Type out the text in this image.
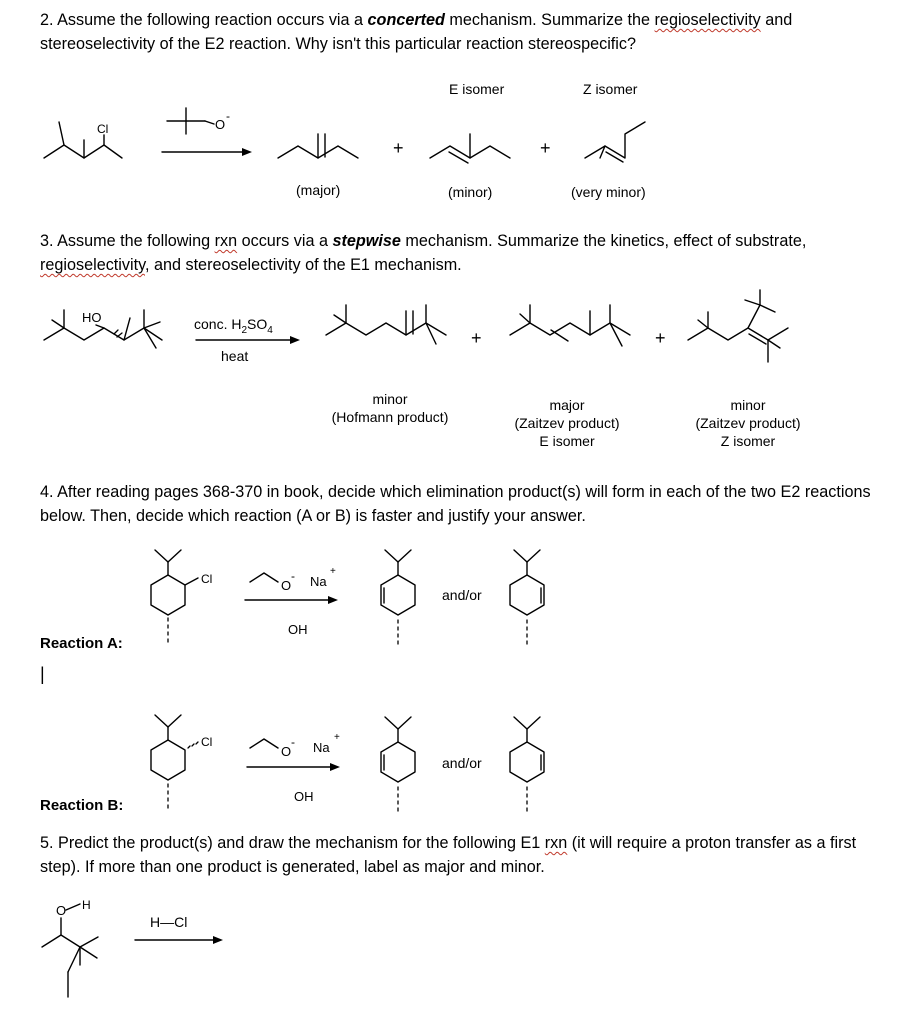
2. Assume the following reaction occurs via a concerted mechanism. Summarize the regioselectivity and stereoselectivity of the E2 reaction. Why isn't this particular reaction stereospecific?
E isomer	Z isomer
(major)	(minor)	(very minor)
3. Assume the following rxn occurs via a stepwise mechanism. Summarize the kinetics, effect of substrate,
regioselectivity, and stereoselectivity of the E1 mechanism.
conc. $H_2SO_4$
heat
minor
(Hofmann product)
major
(Zaitzev product)
E isomer
minor
(Zaitzev product)
Z isomer
4. After reading pages 368-370 in book, decide which elimination product(s) will form in each of the two E2 reactions below. Then, decide which reaction (A or B) is faster and justify your answer.
Reaction A:
|
Reaction B:
and/or
and/or
5. Predict the product(s) and draw the mechanism for the following E1 rxn (it will require a proton transfer as a first step). If more than one product is generated, label as major and minor.
H—Cl
Cl	O
-
+	+
HO
+	+
Cl	O
- Na
+
OH
Cl
O
- Na
+
OH
O H
